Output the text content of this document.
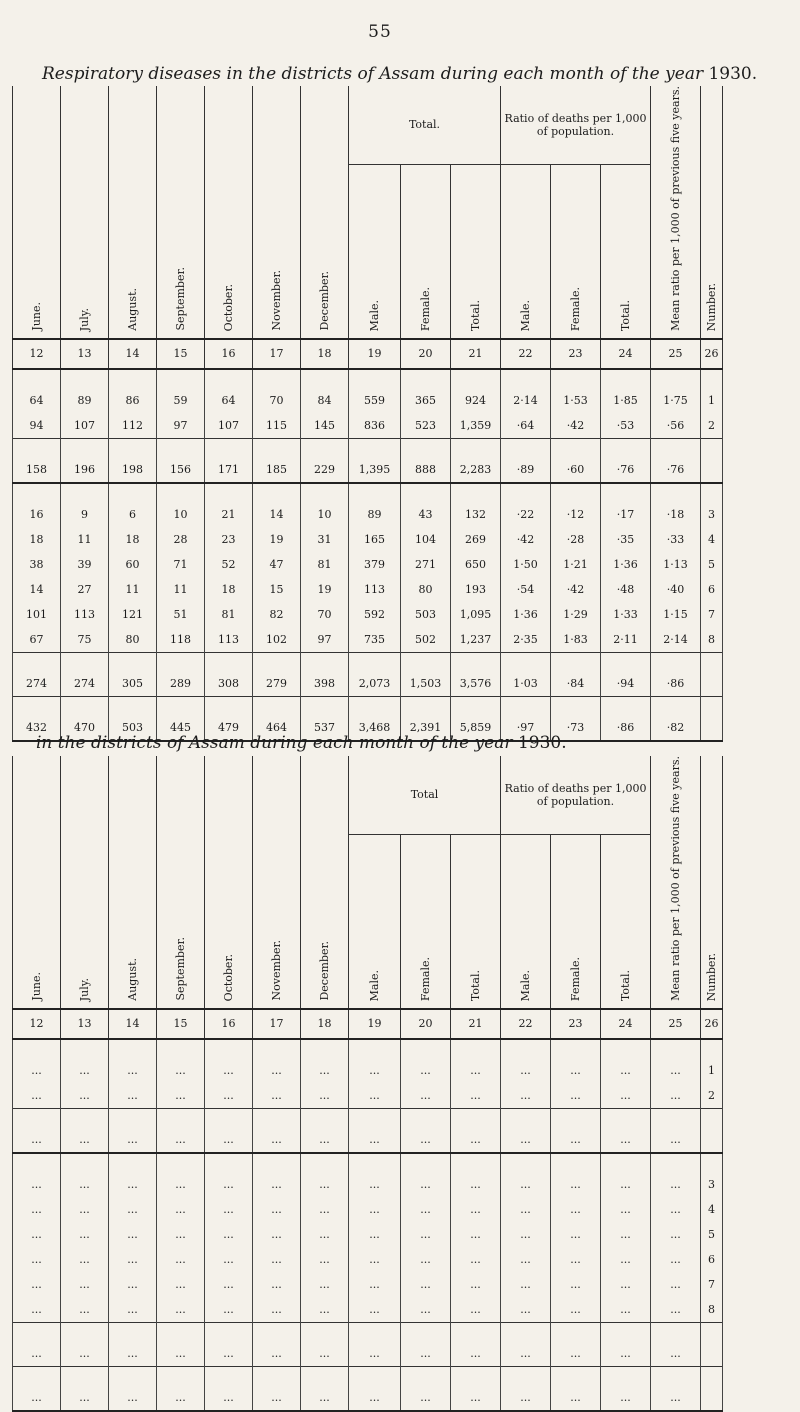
55
Respiratory diseases in the districts of Assam during each month of the year 1930.
June.	July.	August.	September.	October.	November.	December.	Total.			Ratio of deaths per 1,000 of population.			Mean ratio per 1,000 of previous five years.	Number.
							Male.	Female.	Total.	Male.	Female.	Total.		
12	13	14	15	16	17	18	19	20	21	22	23	24	25	26
64	89	86	59	64	70	84	559	365	924	2·14	1·53	1·85	1·75	1
94	107	112	97	107	115	145	836	523	1,359	·64	·42	·53	·56	2
158	196	198	156	171	185	229	1,395	888	2,283	·89	·60	·76	·76	
16	9	6	10	21	14	10	89	43	132	·22	·12	·17	·18	3
18	11	18	28	23	19	31	165	104	269	·42	·28	·35	·33	4
38	39	60	71	52	47	81	379	271	650	1·50	1·21	1·36	1·13	5
14	27	11	11	18	15	19	113	80	193	·54	·42	·48	·40	6
101	113	121	51	81	82	70	592	503	1,095	1·36	1·29	1·33	1·15	7
67	75	80	118	113	102	97	735	502	1,237	2·35	1·83	2·11	2·14	8
274	274	305	289	308	279	398	2,073	1,503	3,576	1·03	·84	·94	·86	
432	470	503	445	479	464	537	3,468	2,391	5,859	·97	·73	·86	·82	
in the districts of Assam during each month of the year 1930.
June.	July.	August.	September.	October.	November.	December.	Total			Ratio of deaths per 1,000 of population.			Mean ratio per 1,000 of previous five years.	Number.
							Male.	Female.	Total.	Male.	Female.	Total.		
12	13	14	15	16	17	18	19	20	21	22	23	24	25	26
...	...	...	...	...	...	...	...	...	...	...	...	...	...	1
...	...	...	...	...	...	...	...	...	...	...	...	...	...	2
...	...	...	...	...	...	...	...	...	...	...	...	...	...	
...	...	...	...	...	...	...	...	...	...	...	...	...	...	3
...	...	...	...	...	...	...	...	...	...	...	...	...	...	4
...	...	...	...	...	...	...	...	...	...	...	...	...	...	5
...	...	...	...	...	...	...	...	...	...	...	...	...	...	6
...	...	...	...	...	...	...	...	...	...	...	...	...	...	7
...	...	...	...	...	...	...	...	...	...	...	...	...	...	8
...	...	...	...	...	...	...	...	...	...	...	...	...	...	
...	...	...	...	...	...	...	...	...	...	...	...	...	...	
